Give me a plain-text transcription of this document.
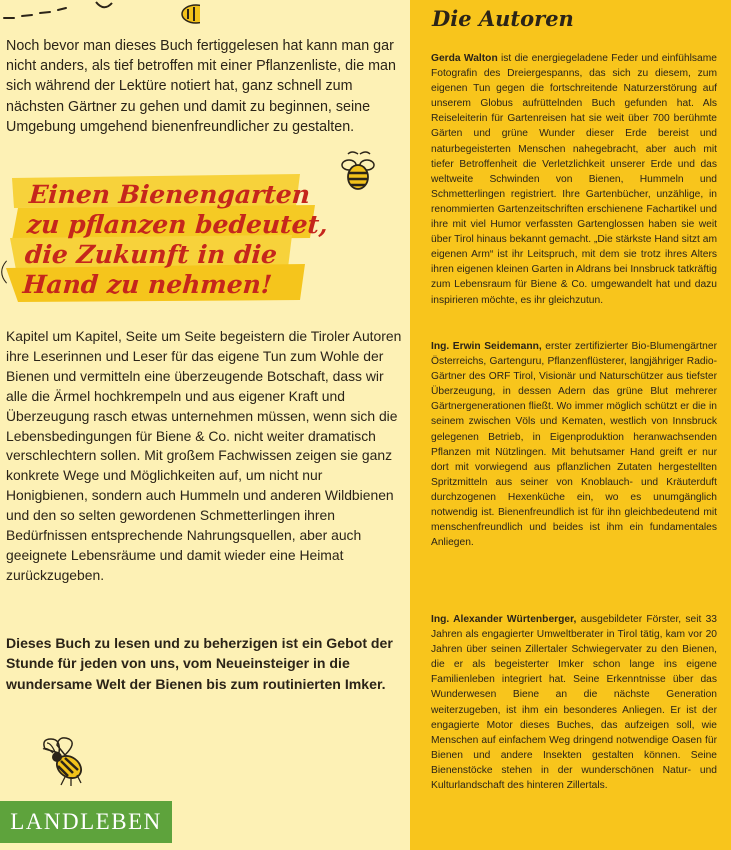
Noch bevor man dieses Buch fertiggelesen hat kann man gar nicht anders, als tief betroffen mit einer Pflanzenliste, die man sich während der Lektüre notiert hat, ganz schnell zum nächsten Gärtner zu gehen und damit zu beginnen, seine Umgebung umgehend bienenfreundlicher zu gestalten.

Einen Bienengarten
zu pflanzen bedeutet,
die Zukunft in die
Hand zu nehmen!

Kapitel um Kapitel, Seite um Seite begeistern die Tiroler Autoren ihre Leserinnen und Leser für das eigene Tun zum Wohle der Bienen und vermitteln eine überzeugende Botschaft, dass wir alle die Ärmel hochkrempeln und aus eigener Kraft und Überzeugung rasch etwas unternehmen müssen, wenn sich die Lebensbedingungen für Biene & Co. nicht weiter dramatisch verschlechtern sollen. Mit großem Fachwissen zeigen sie ganz konkrete Wege und Möglichkeiten auf, um nicht nur Honigbienen, sondern auch Hummeln und anderen Wildbienen und den so selten gewordenen Schmetterlingen ihren Bedürfnissen entsprechende Nahrungsquellen, aber auch geeignete Lebensräume und damit wieder eine Heimat zurückzugeben.

Dieses Buch zu lesen und zu beherzigen ist ein Gebot der Stunde für jeden von uns, vom Neueinsteiger in die wundersame Welt der Bienen bis zum routinierten Imker.

LANDLEBEN
Die Autoren

Gerda Walton ist die energiegeladene Feder und einfühlsame Fotografin des Dreiergespanns, das sich zu diesem, zum eigenen Tun gegen die fortschreitende Naturzerstörung auf unserem Globus aufrüttelnden Buch gefunden hat. Als Reiseleiterin für Gartenreisen hat sie weit über 700 berühmte Gärten und grüne Wunder dieser Erde bereist und naturbegeisterten Menschen nahegebracht, aber auch mit tiefer Betroffenheit die Verletzlichkeit unserer Erde und das weltweite Schwinden von Bienen, Hummeln und Schmetterlingen registriert. Ihre Gartenbücher, unzählige, in renommierten Gartenzeitschriften erschienene Fachartikel und ihre mit viel Humor verfassten Gartenglossen haben sie weit über Tirol hinaus bekannt gemacht. „Die stärkste Hand sitzt am eigenen Arm“ ist ihr Leitspruch, mit dem sie trotz ihres Alters ihren eigenen kleinen Garten in Aldrans bei Innsbruck tatkräftig zum Lebensraum für Biene & Co. umgewandelt hat und dazu inspirieren möchte, es ihr gleichzutun.

Ing. Erwin Seidemann, erster zertifizierter Bio-Blumengärtner Österreichs, Gartenguru, Pflanzenflüsterer, langjähriger Radio- Gärtner des ORF Tirol, Visionär und Naturschützer aus tiefster Überzeugung, in dessen Adern das grüne Blut mehrerer Gärtnergenerationen fließt. Wo immer möglich schützt er die in seinem zwischen Völs und Kematen, westlich von Innsbruck gelegenen Betrieb, in Eigenproduktion heranwachsenden Pflanzen mit Nützlingen. Mit behutsamer Hand greift er nur dort mit vorwiegend aus pflanzlichen Zutaten hergestellten Spritzmitteln aus seiner von Knoblauch- und Kräuterduft durchzogenen Hexenküche ein, wo es unumgänglich notwendig ist. Bienenfreundlich ist für ihn gleichbedeutend mit menschenfreundlich und beides ist ihm ein fundamentales Anliegen.

Ing. Alexander Würtenberger, ausgebildeter Förster, seit 33 Jahren als engagierter Umweltberater in Tirol tätig, kam vor 20 Jahren über seinen Zillertaler Schwiegervater zu den Bienen, die er als begeisterter Imker schon lange ins eigene Familienleben integriert hat. Seine Erkenntnisse über das Wunderwesen Biene an die nächste Generation weiterzugeben, ist ihm ein besonderes Anliegen. Er ist der engagierte Motor dieses Buches, das aufzeigen soll, wie Menschen auf einfachem Weg dringend notwendige Oasen für Bienen und andere Insekten gestalten können. Seine Bienenstöcke stehen in der wunderschönen Natur- und Kulturlandschaft des hinteren Zillertals.
